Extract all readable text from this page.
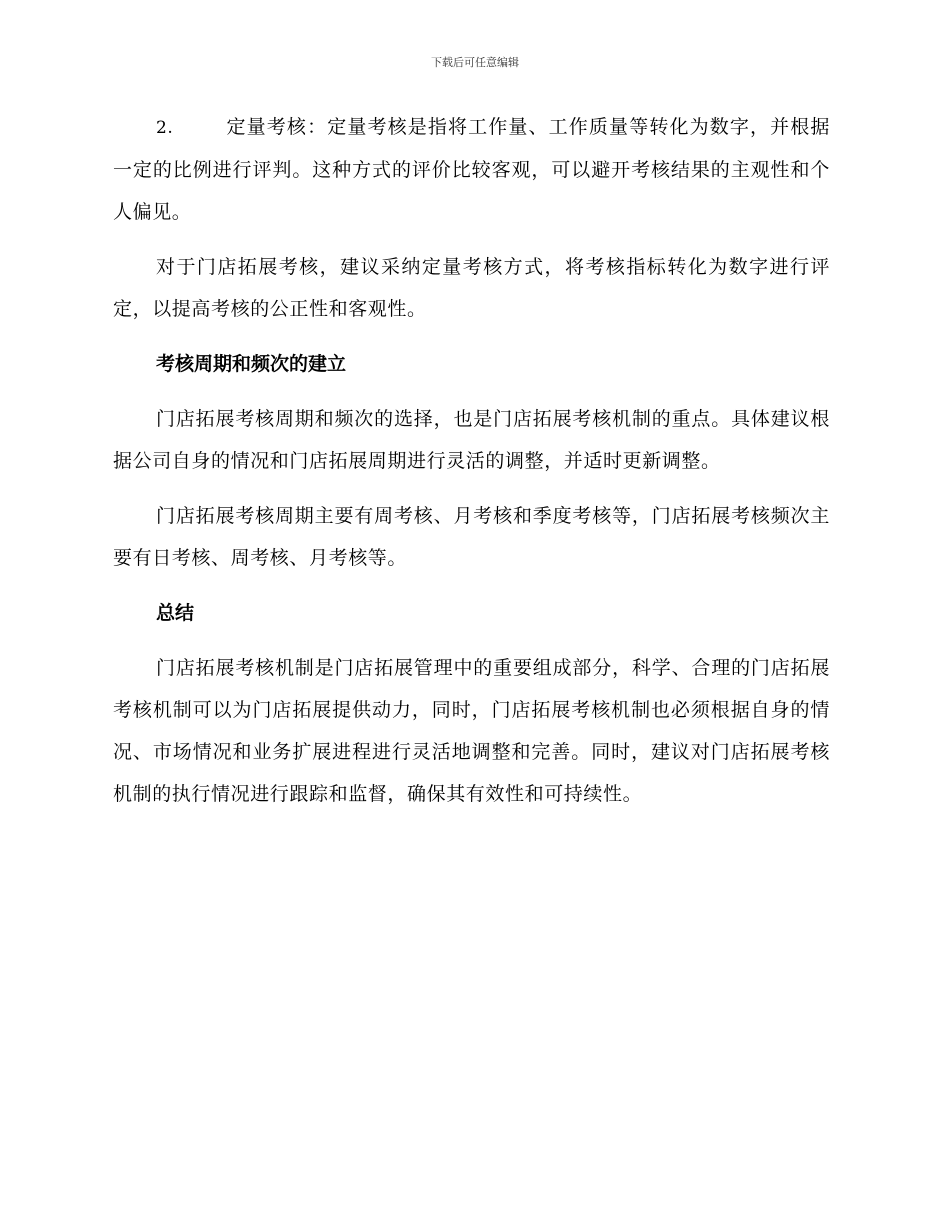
下载后可任意编辑

2.	定量考核：定量考核是指将工作量、工作质量等转化为数字，并根据一定的比例进行评判。这种方式的评价比较客观，可以避开考核结果的主观性和个人偏见。

对于门店拓展考核，建议采纳定量考核方式，将考核指标转化为数字进行评定，以提高考核的公正性和客观性。

考核周期和频次的建立

门店拓展考核周期和频次的选择，也是门店拓展考核机制的重点。具体建议根据公司自身的情况和门店拓展周期进行灵活的调整，并适时更新调整。

门店拓展考核周期主要有周考核、月考核和季度考核等，门店拓展考核频次主要有日考核、周考核、月考核等。

总结

门店拓展考核机制是门店拓展管理中的重要组成部分，科学、合理的门店拓展考核机制可以为门店拓展提供动力，同时，门店拓展考核机制也必须根据自身的情况、市场情况和业务扩展进程进行灵活地调整和完善。同时，建议对门店拓展考核机制的执行情况进行跟踪和监督，确保其有效性和可持续性。
